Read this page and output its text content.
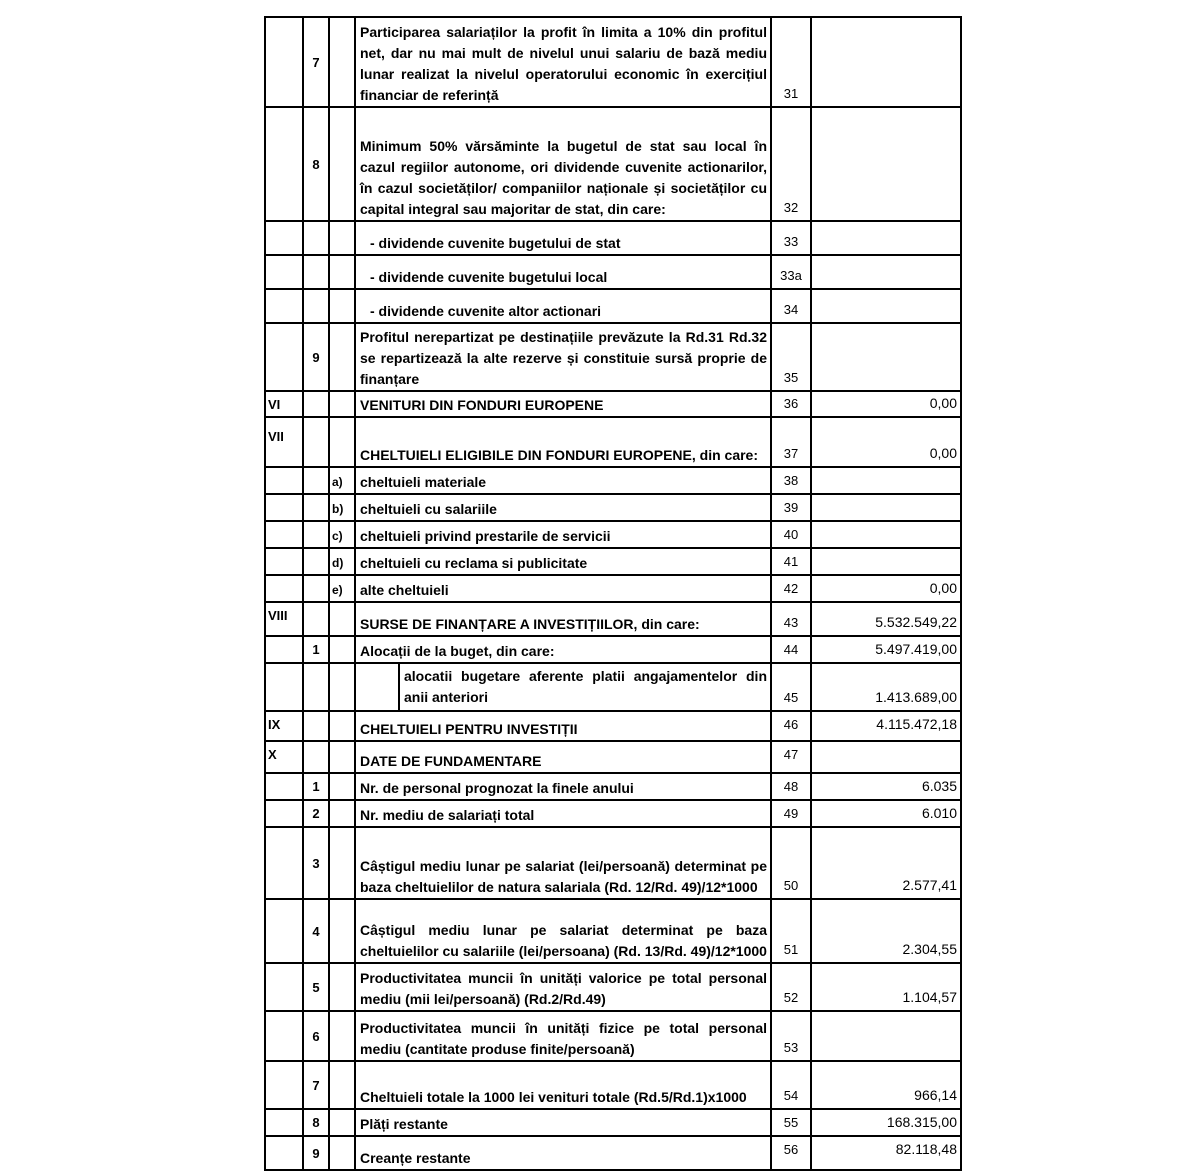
	7		Participarea salariaților la profit în limita a 10% din profitul net, dar nu mai mult de nivelul unui salariu de bază mediu lunar realizat la nivelul operatorului economic în exercițiul financiar de referință	31	
	8		Minimum 50% vărsăminte la bugetul de stat sau local în cazul regiilor autonome, ori dividende cuvenite actionarilor, în cazul societăților/ companiilor naționale și societăților cu capital integral sau majoritar de stat, din care:	32	
			- dividende cuvenite bugetului de stat	33	
			- dividende cuvenite bugetului local	33a	
			- dividende cuvenite altor actionari	34	
	9		Profitul nerepartizat pe destinațiile prevăzute la Rd.31 Rd.32 se repartizează la alte rezerve și constituie sursă proprie de finanțare	35	
VI			VENITURI DIN FONDURI EUROPENE	36	0,00
VII			CHELTUIELI ELIGIBILE DIN FONDURI EUROPENE, din care:	37	0,00
		a)	cheltuieli materiale	38	
		b)	cheltuieli cu salariile	39	
		c)	cheltuieli privind prestarile de servicii	40	
		d)	cheltuieli cu reclama si publicitate	41	
		e)	alte cheltuieli	42	0,00
VIII			SURSE DE FINANȚARE A INVESTIȚIILOR, din care:	43	5.532.549,22
	1		Alocații de la buget, din care:	44	5.497.419,00

			alocatii bugetare aferente platii angajamentelor din anii anteriori	45	1.413.689,00
IX			CHELTUIELI PENTRU INVESTIȚII	46	4.115.472,18
X			DATE DE FUNDAMENTARE	47	
	1		Nr. de personal prognozat la finele anului	48	6.035
	2		Nr. mediu de salariați total	49	6.010
	3		Câștigul mediu lunar pe salariat (lei/persoană) determinat pe baza cheltuielilor de natura salariala (Rd. 12/Rd. 49)/12*1000	50	2.577,41
	4		Câștigul mediu lunar pe salariat determinat pe baza cheltuielilor cu salariile (lei/persoana) (Rd. 13/Rd. 49)/12*1000	51	2.304,55
	5		Productivitatea muncii în unități valorice pe total personal mediu (mii lei/persoană) (Rd.2/Rd.49)	52	1.104,57
	6		Productivitatea muncii în unități fizice pe total personal mediu (cantitate produse finite/persoană)	53	
	7		Cheltuieli totale la 1000 lei venituri totale (Rd.5/Rd.1)x1000	54	966,14
	8		Plăți restante	55	168.315,00
	9		Creanțe restante	56	82.118,48
